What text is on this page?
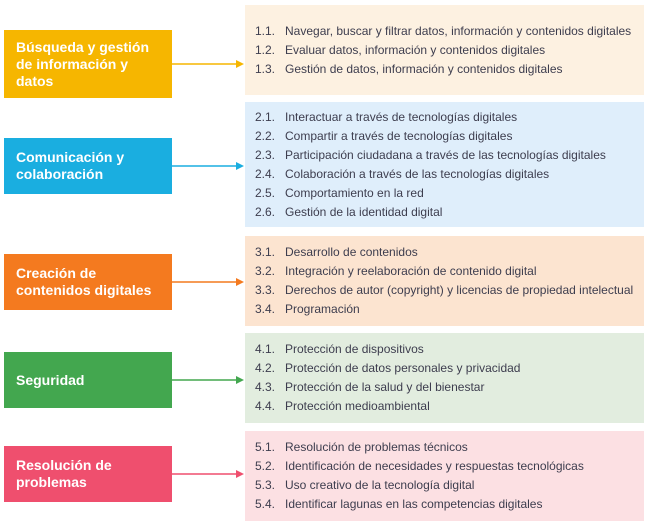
Búsqueda y gestión de información y datos
1.1. Navegar, buscar y filtrar datos, información y contenidos digitales
1.2. Evaluar datos, información y contenidos digitales
1.3. Gestión de datos, información y contenidos digitales
Comunicación y colaboración
2.1. Interactuar a través de tecnologías digitales
2.2. Compartir a través de tecnologías digitales
2.3. Participación ciudadana a través de las tecnologías digitales
2.4. Colaboración a través de las tecnologías digitales
2.5. Comportamiento en la red
2.6. Gestión de la identidad digital
Creación de contenidos digitales
3.1. Desarrollo de contenidos
3.2. Integración y reelaboración de contenido digital
3.3. Derechos de autor (copyright) y licencias de propiedad intelectual
3.4. Programación
Seguridad
4.1. Protección de dispositivos
4.2. Protección de datos personales y privacidad
4.3. Protección de la salud y del bienestar
4.4. Protección medioambiental
Resolución de problemas
5.1. Resolución de problemas técnicos
5.2. Identificación de necesidades y respuestas tecnológicas
5.3. Uso creativo de la tecnología digital
5.4. Identificar lagunas en las competencias digitales
